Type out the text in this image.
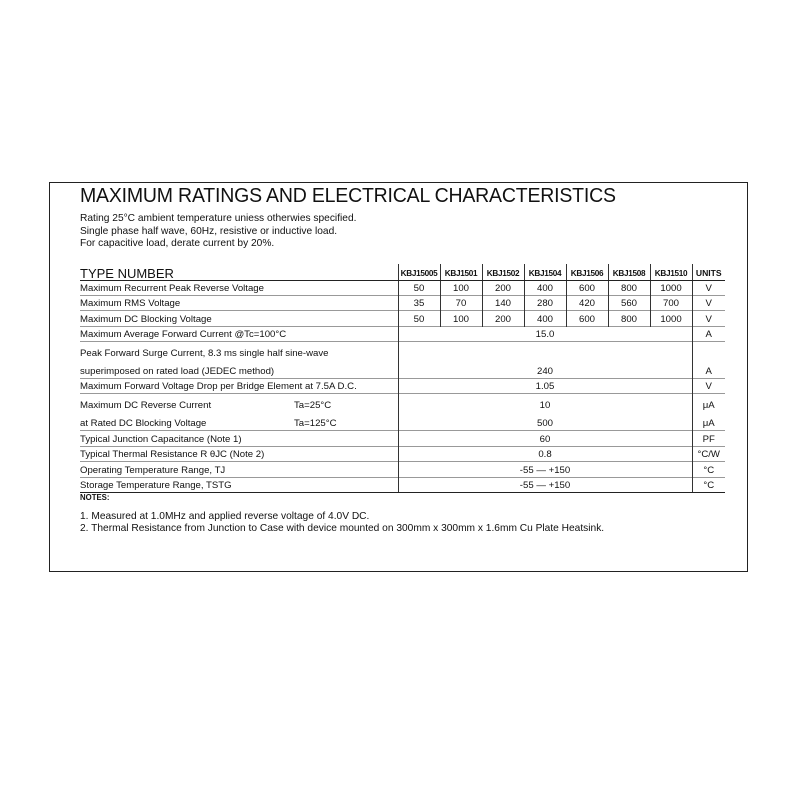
MAXIMUM RATINGS AND ELECTRICAL CHARACTERISTICS
Rating 25°C ambient temperature uniess otherwies specified.
Single phase half wave, 60Hz, resistive or inductive load.
For capacitive load, derate current by 20%.
TYPE NUMBER	KBJ15005	KBJ1501	KBJ1502	KBJ1504	KBJ1506	KBJ1508	KBJ1510	UNITS
Maximum Recurrent Peak Reverse Voltage	50	100	200	400	600	800	1000	V
Maximum RMS Voltage	35	70	140	280	420	560	700	V
Maximum DC Blocking Voltage	50	100	200	400	600	800	1000	V
Maximum Average Forward Current @Tc=100°C	15.0							A
Peak Forward Surge Current, 8.3 ms single half sine-wave	240							A
superimposed on rated load (JEDEC method)								
Maximum Forward Voltage Drop per Bridge Element at 7.5A D.C.	1.05							V
Maximum DC Reverse Current Ta=25°C	10							μA
at Rated DC Blocking Voltage Ta=125°C	500							μA
Typical Junction Capacitance (Note 1)	60							PF
Typical Thermal Resistance R θJC (Note 2)	0.8							°C/W
Operating Temperature Range, TJ	-55 — +150							°C
Storage Temperature Range, TSTG	-55 — +150							°C
NOTES:
1. Measured at 1.0MHz and applied reverse voltage of 4.0V DC.
2. Thermal Resistance from Junction to Case with device mounted on 300mm x 300mm x 1.6mm Cu Plate Heatsink.
